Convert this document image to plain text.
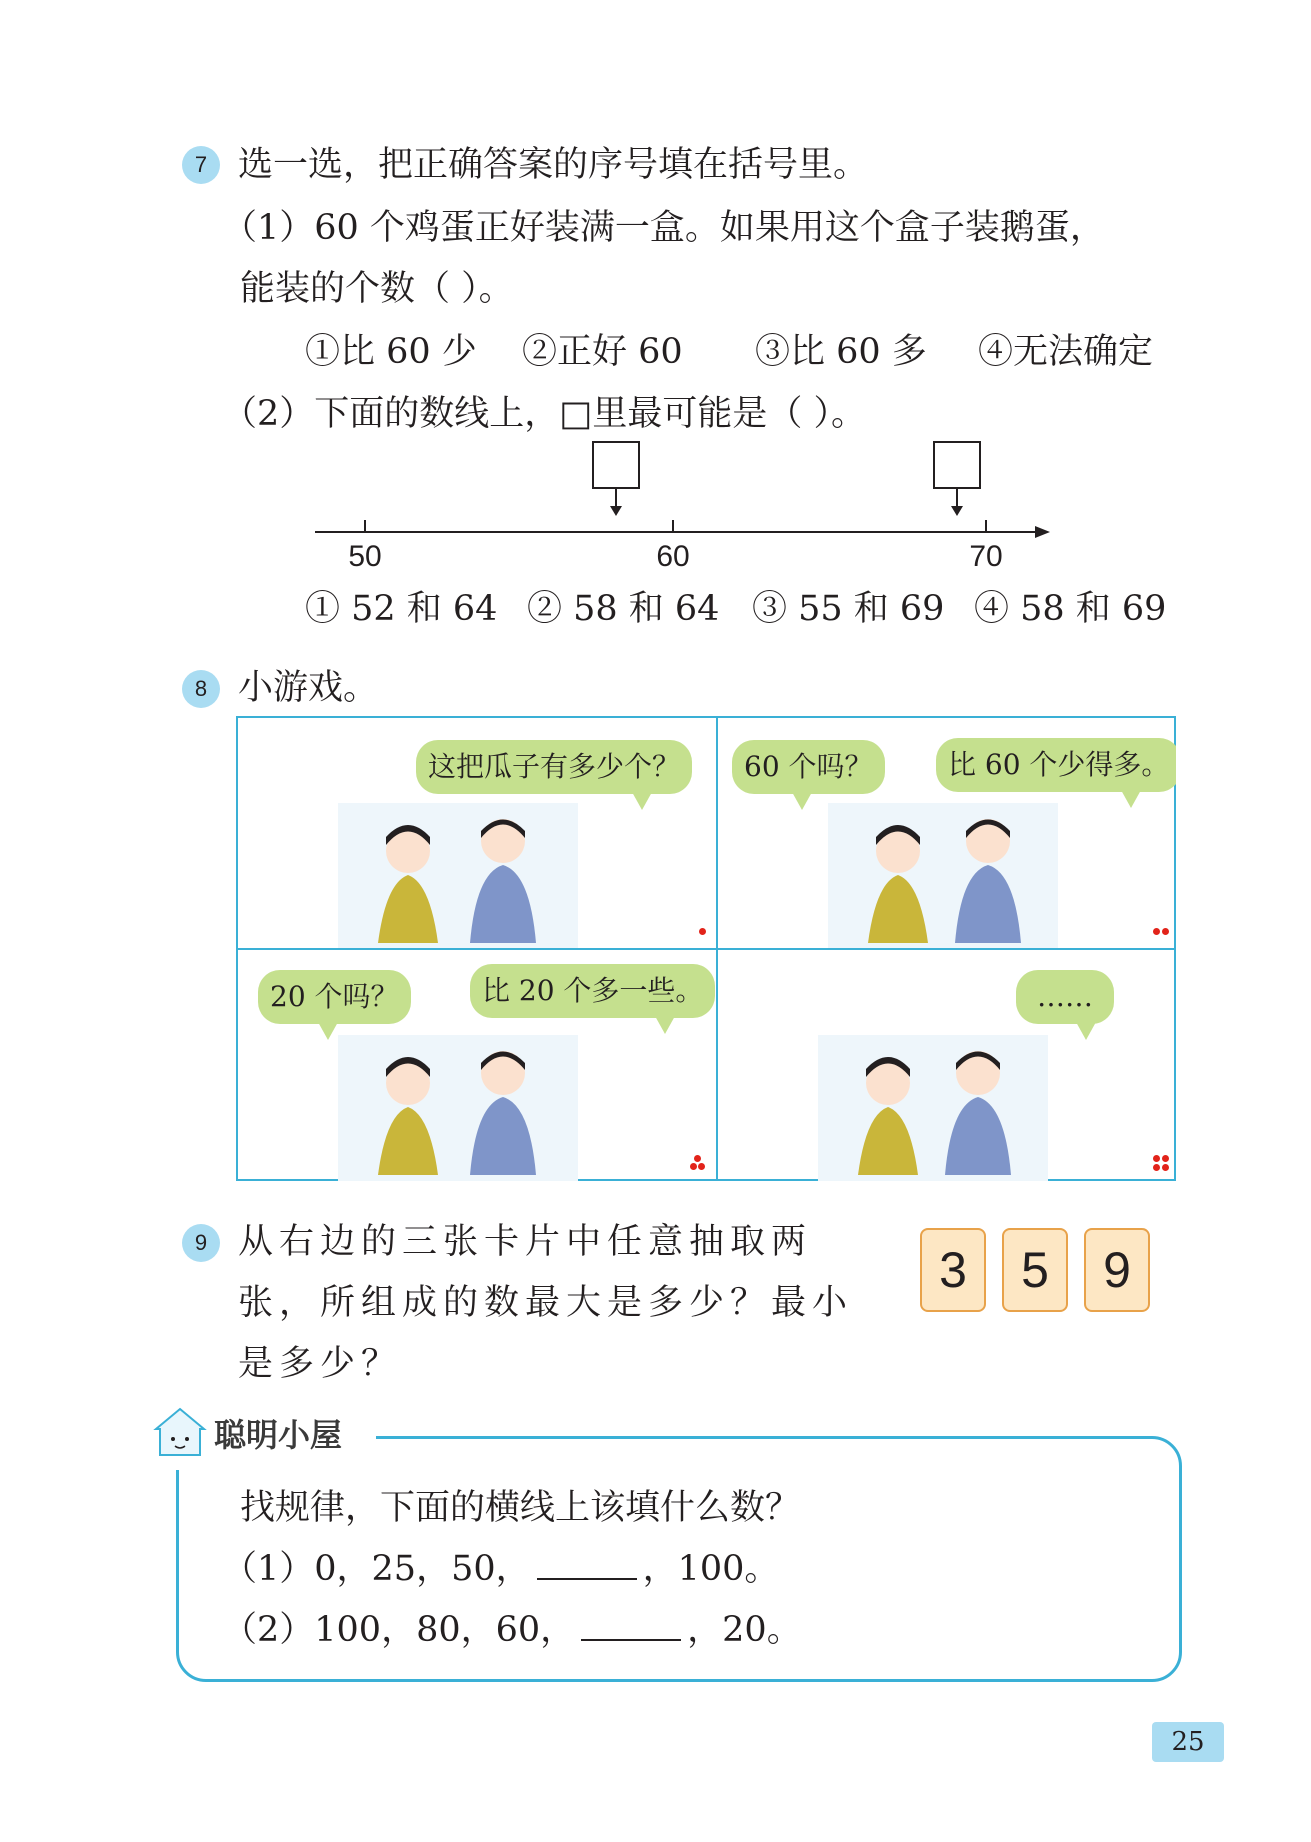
7 选一选，把正确答案的序号填在括号里。
（1）60 个鸡蛋正好装满一盒。如果用这个盒子装鹅蛋，
能装的个数（ ）。
①比 60 少 ②正好 60 ③比 60 多 ④无法确定
（2）下面的数线上，□里最可能是（ ）。
50	60	70
① 52 和 64 ② 58 和 64 ③ 55 和 69 ④ 58 和 69
8 小游戏。
这把瓜子有多少个？	60 个吗？	比 60 个少得多。
20 个吗？	比 20 个多一些。	……
9 从右边的三张卡片中任意抽取两
张，所组成的数最大是多少？最小
是多少？
3	5	9
聪明小屋
找规律，下面的横线上该填什么数？
（1）0，25，50，	，100。
（2）100，80，60，	，20。
25
